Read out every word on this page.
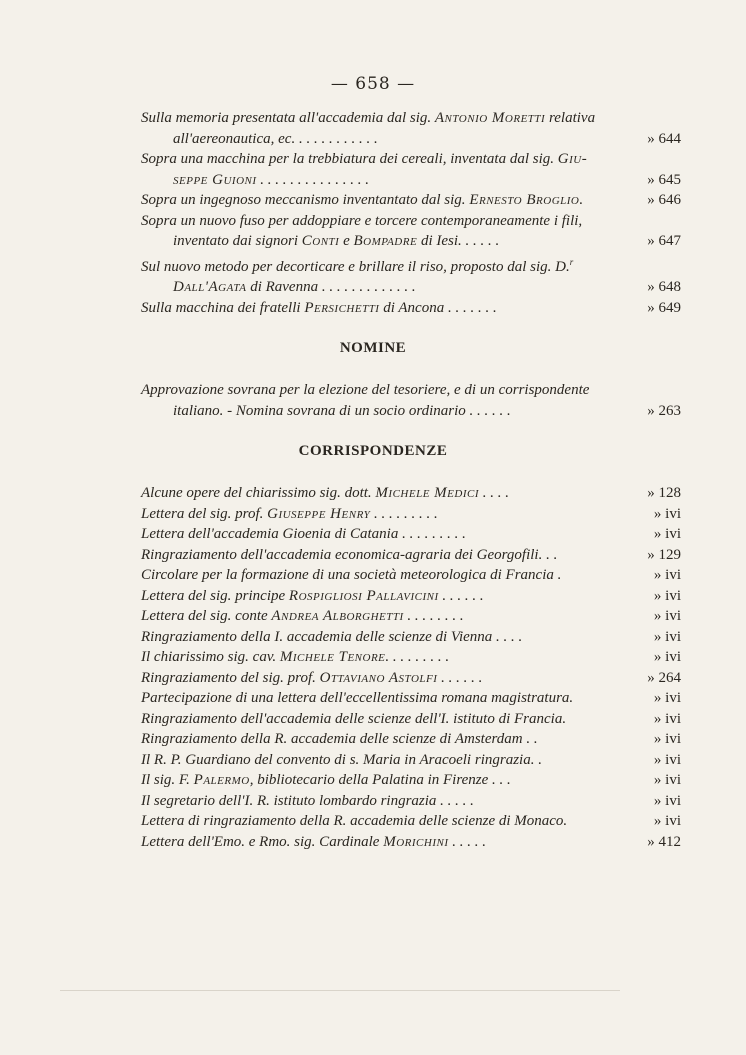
— 658 —
Sulla memoria presentata all'accademia dal sig. Antonio Moretti relativa
all'aereonautica, ec. . . . . . . . . . . .	» 644
Sopra una macchina per la trebbiatura dei cereali, inventata dal sig. Giu-
seppe Guioni . . . . . . . . . . . . . . .	» 645
Sopra un ingegnoso meccanismo inventantato dal sig. Ernesto Broglio.	» 646
Sopra un nuovo fuso per addoppiare e torcere contemporaneamente i fili,
inventato dai signori Conti e Bompadre di Iesi. . . . . .	» 647
Sul nuovo metodo per decorticare e brillare il riso, proposto dal sig. D.$^r$
Dall'Agata di Ravenna . . . . . . . . . . . . .	» 648
Sulla macchina dei fratelli Persichetti di Ancona . . . . . . .	» 649
NOMINE
Approvazione sovrana per la elezione del tesoriere, e di un corrispondente
italiano. - Nomina sovrana di un socio ordinario . . . . . .	» 263
CORRISPONDENZE
Alcune opere del chiarissimo sig. dott. Michele Medici . . . .	» 128
Lettera del sig. prof. Giuseppe Henry . . . . . . . . .	» ivi
Lettera dell'accademia Gioenia di Catania . . . . . . . . .	» ivi
Ringraziamento dell'accademia economica-agraria dei Georgofili. . .	» 129
Circolare per la formazione di una società meteorologica di Francia .	» ivi
Lettera del sig. principe Rospigliosi Pallavicini . . . . . .	» ivi
Lettera del sig. conte Andrea Alborghetti . . . . . . . .	» ivi
Ringraziamento della I. accademia delle scienze di Vienna . . . .	» ivi
Il chiarissimo sig. cav. Michele Tenore. . . . . . . . .	» ivi
Ringraziamento del sig. prof. Ottaviano Astolfi . . . . . .	» 264
Partecipazione di una lettera dell'eccellentissima romana magistratura.	» ivi
Ringraziamento dell'accademia delle scienze dell'I. istituto di Francia.	» ivi
Ringraziamento della R. accademia delle scienze di Amsterdam . .	» ivi
Il R. P. Guardiano del convento di s. Maria in Aracoeli ringrazia. .	» ivi
Il sig. F. Palermo, bibliotecario della Palatina in Firenze . . .	» ivi
Il segretario dell'I. R. istituto lombardo ringrazia . . . . .	» ivi
Lettera di ringraziamento della R. accademia delle scienze di Monaco.	» ivi
Lettera dell'Emo. e Rmo. sig. Cardinale Morichini . . . . .	» 412
